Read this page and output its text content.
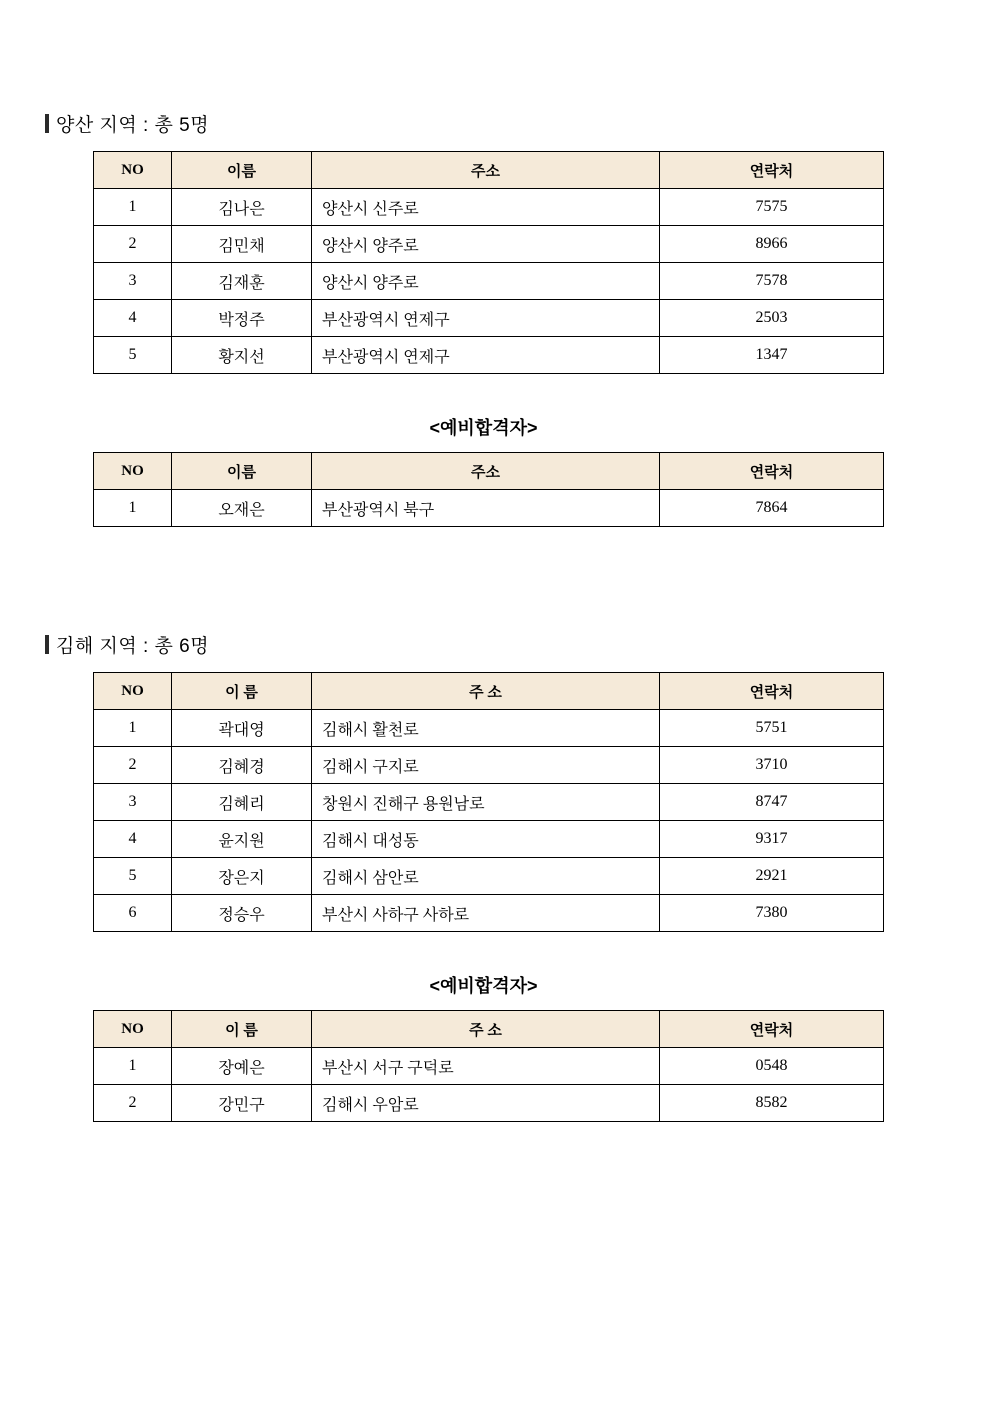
양산 지역 : 총 5명
NO	이름	주소	연락처
1	김나은	양산시 신주로	7575
2	김민채	양산시 양주로	8966
3	김재훈	양산시 양주로	7578
4	박정주	부산광역시 연제구	2503
5	황지선	부산광역시 연제구	1347
<예비합격자>
NO	이름	주소	연락처
1	오재은	부산광역시 북구	7864
김해 지역 : 총 6명
NO	이 름	주 소	연락처
1	곽대영	김해시 활천로	5751
2	김혜경	김해시 구지로	3710
3	김혜리	창원시 진해구 용원남로	8747
4	윤지원	김해시 대성동	9317
5	장은지	김해시 삼안로	2921
6	정승우	부산시 사하구 사하로	7380
<예비합격자>
NO	이 름	주 소	연락처
1	장예은	부산시 서구 구덕로	0548
2	강민구	김해시 우암로	8582
